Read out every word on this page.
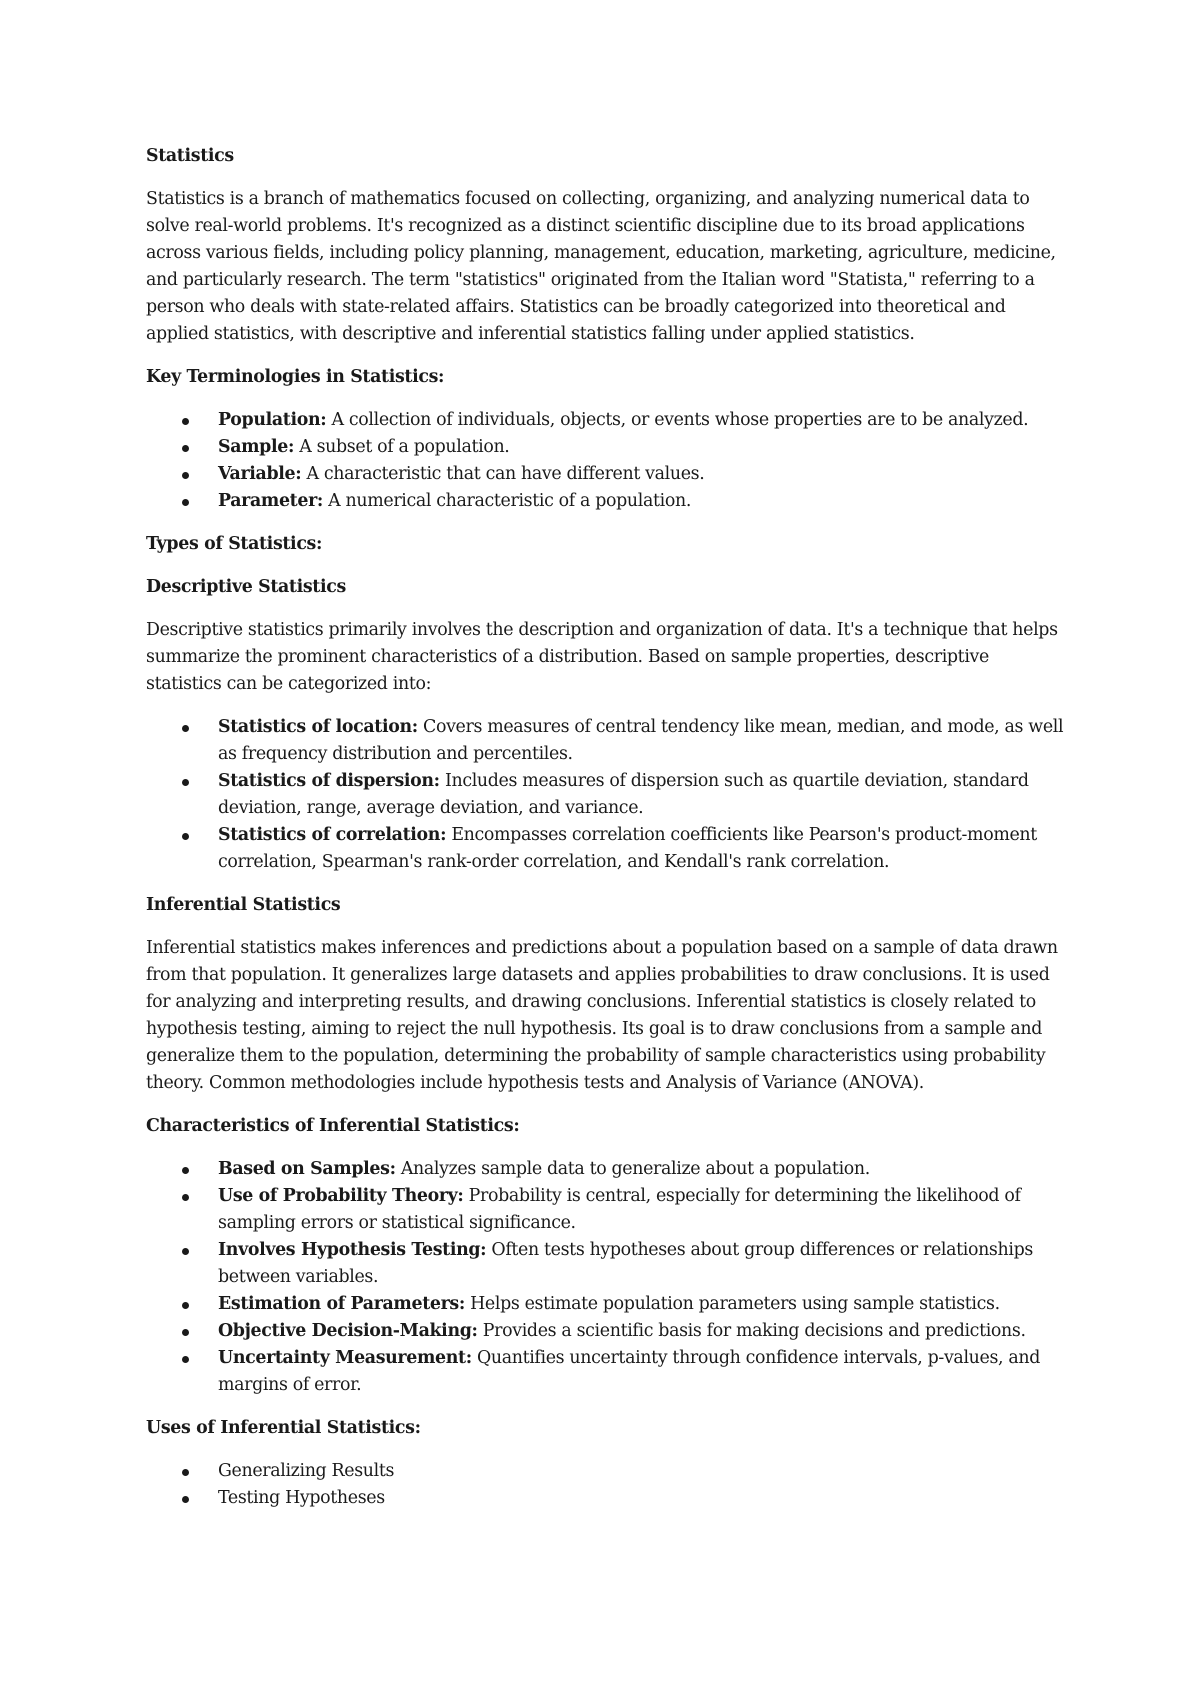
Statistics
Statistics is a branch of mathematics focused on collecting, organizing, and analyzing numerical data to solve real-world problems. It's recognized as a distinct scientific discipline due to its broad applications across various fields, including policy planning, management, education, marketing, agriculture, medicine, and particularly research. The term "statistics" originated from the Italian word "Statista," referring to a person who deals with state-related affairs. Statistics can be broadly categorized into theoretical and applied statistics, with descriptive and inferential statistics falling under applied statistics.
Key Terminologies in Statistics:
Population: A collection of individuals, objects, or events whose properties are to be analyzed.
Sample: A subset of a population.
Variable: A characteristic that can have different values.
Parameter: A numerical characteristic of a population.
Types of Statistics:
Descriptive Statistics
Descriptive statistics primarily involves the description and organization of data. It's a technique that helps summarize the prominent characteristics of a distribution. Based on sample properties, descriptive statistics can be categorized into:
Statistics of location: Covers measures of central tendency like mean, median, and mode, as well as frequency distribution and percentiles.
Statistics of dispersion: Includes measures of dispersion such as quartile deviation, standard deviation, range, average deviation, and variance.
Statistics of correlation: Encompasses correlation coefficients like Pearson's product-moment correlation, Spearman's rank-order correlation, and Kendall's rank correlation.
Inferential Statistics
Inferential statistics makes inferences and predictions about a population based on a sample of data drawn from that population. It generalizes large datasets and applies probabilities to draw conclusions. It is used for analyzing and interpreting results, and drawing conclusions. Inferential statistics is closely related to hypothesis testing, aiming to reject the null hypothesis. Its goal is to draw conclusions from a sample and generalize them to the population, determining the probability of sample characteristics using probability theory. Common methodologies include hypothesis tests and Analysis of Variance (ANOVA).
Characteristics of Inferential Statistics:
Based on Samples: Analyzes sample data to generalize about a population.
Use of Probability Theory: Probability is central, especially for determining the likelihood of sampling errors or statistical significance.
Involves Hypothesis Testing: Often tests hypotheses about group differences or relationships between variables.
Estimation of Parameters: Helps estimate population parameters using sample statistics.
Objective Decision-Making: Provides a scientific basis for making decisions and predictions.
Uncertainty Measurement: Quantifies uncertainty through confidence intervals, p-values, and margins of error.
Uses of Inferential Statistics:
Generalizing Results
Testing Hypotheses
